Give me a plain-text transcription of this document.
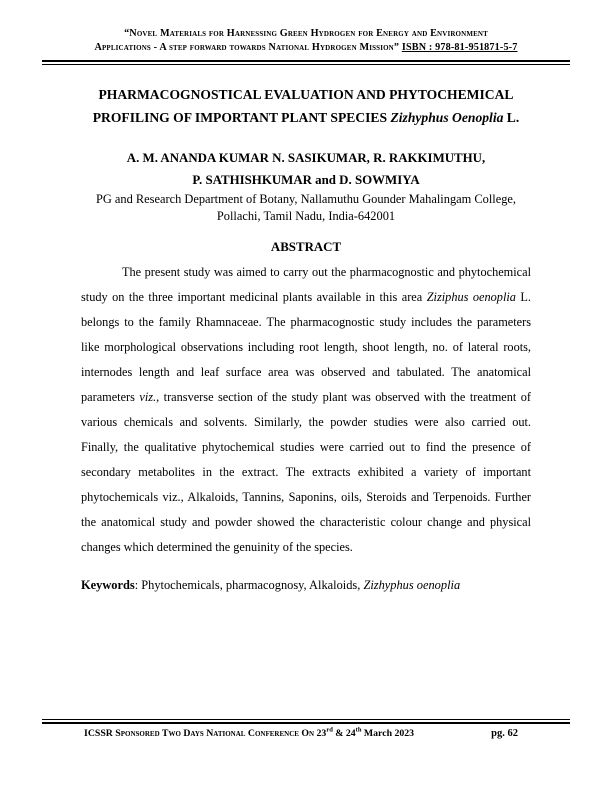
“Novel Materials for Harnessing Green Hydrogen for Energy and Environment
Applications - A step forward towards National Hydrogen Mission” ISBN : 978-81-951871-5-7
PHARMACOGNOSTICAL EVALUATION AND PHYTOCHEMICAL
PROFILING OF IMPORTANT PLANT SPECIES Zizhyphus Oenoplia L.
A. M. ANANDA KUMAR N. SASIKUMAR, R. RAKKIMUTHU,
P. SATHISHKUMAR and D. SOWMIYA
PG and Research Department of Botany, Nallamuthu Gounder Mahalingam College,
Pollachi, Tamil Nadu, India-642001
ABSTRACT

The present study was aimed to carry out the pharmacognostic and phytochemical study on the three important medicinal plants available in this area Ziziphus oenoplia L. belongs to the family Rhamnaceae. The pharmacognostic study includes the parameters like morphological observations including root length, shoot length, no. of lateral roots, internodes length and leaf surface area was observed and tabulated. The anatomical parameters viz., transverse section of the study plant was observed with the treatment of various chemicals and solvents. Similarly, the powder studies were also carried out. Finally, the qualitative phytochemical studies were carried out to find the presence of secondary metabolites in the extract. The extracts exhibited a variety of important phytochemicals viz., Alkaloids, Tannins, Saponins, oils, Steroids and Terpenoids. Further the anatomical study and powder showed the characteristic colour change and physical changes which determined the genuinity of the species.

Keywords: Phytochemicals, pharmacognosy, Alkaloids, Zizhyphus oenoplia
ICSSR Sponsored Two Days National Conference On 23rd & 24th March 2023	pg. 62
